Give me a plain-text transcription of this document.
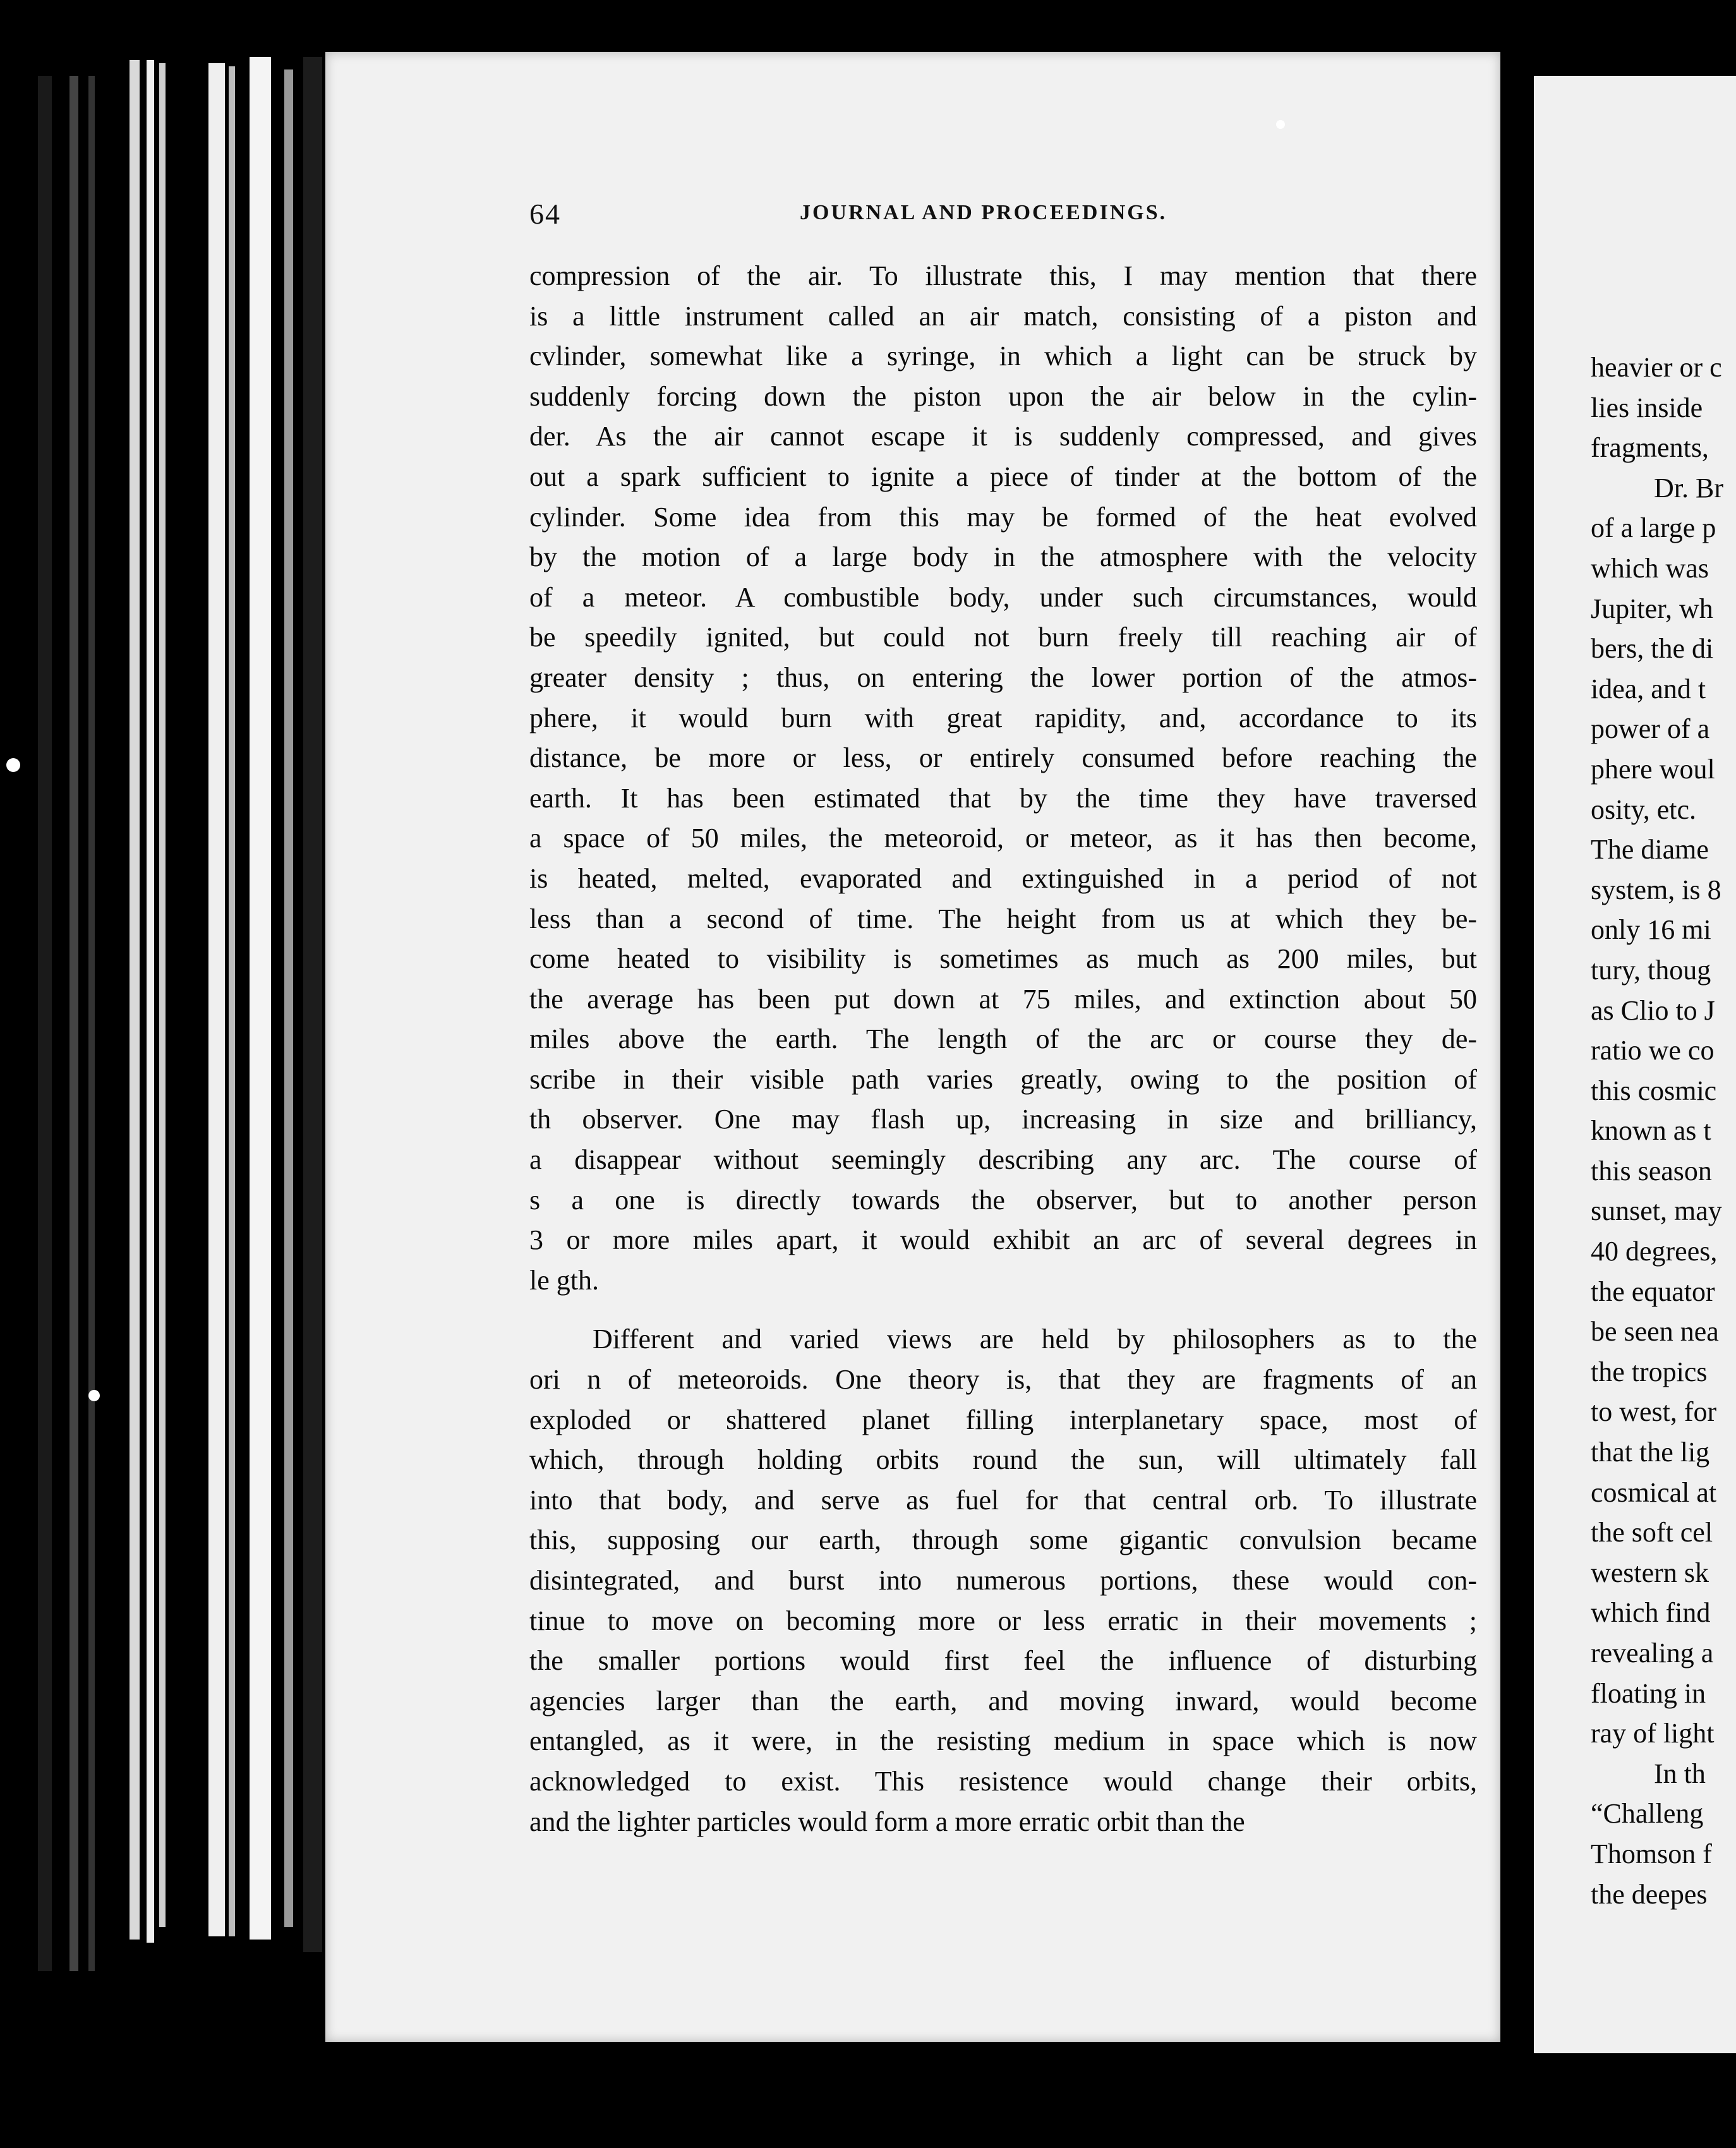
64	JOURNAL AND PROCEEDINGS.
compression of the air. To illustrate this, I may mention that there
is a little instrument called an air match, consisting of a piston and
cvlinder, somewhat like a syringe, in which a light can be struck by
suddenly forcing down the piston upon the air below in the cylin-
der. As the air cannot escape it is suddenly compressed, and gives
out a spark sufficient to ignite a piece of tinder at the bottom of the
cylinder. Some idea from this may be formed of the heat evolved
by the motion of a large body in the atmosphere with the velocity
of a meteor. A combustible body, under such circumstances, would
be speedily ignited, but could not burn freely till reaching air of
greater density ; thus, on entering the lower portion of the atmos-
phere, it would burn with great rapidity, and, accordance to its
distance, be more or less, or entirely consumed before reaching the
earth. It has been estimated that by the time they have traversed
a space of 50 miles, the meteoroid, or meteor, as it has then become,
is heated, melted, evaporated and extinguished in a period of not
less than a second of time. The height from us at which they be-
come heated to visibility is sometimes as much as 200 miles, but
the average has been put down at 75 miles, and extinction about 50
miles above the earth. The length of the arc or course they de-
scribe in their visible path varies greatly, owing to the position of
th observer. One may flash up, increasing in size and brilliancy,
a disappear without seemingly describing any arc. The course of
s a one is directly towards the observer, but to another person
3 or more miles apart, it would exhibit an arc of several degrees in
le gth.
Different and varied views are held by philosophers as to the
ori n of meteoroids. One theory is, that they are fragments of an
exploded or shattered planet filling interplanetary space, most of
which, through holding orbits round the sun, will ultimately fall
into that body, and serve as fuel for that central orb. To illustrate
this, supposing our earth, through some gigantic convulsion became
disintegrated, and burst into numerous portions, these would con-
tinue to move on becoming more or less erratic in their movements ;
the smaller portions would first feel the influence of disturbing
agencies larger than the earth, and moving inward, would become
entangled, as it were, in the resisting medium in space which is now
acknowledged to exist. This resistence would change their orbits,
and the lighter particles would form a more erratic orbit than the
heavier or c
lies inside
fragments,
Dr. Br
of a large p
which was
Jupiter, wh
bers, the di
idea, and t
power of a
phere woul
osity, etc.
The diame
system, is 8
only 16 mi
tury, thoug
as Clio to J
ratio we co
this cosmic
known as t
this season
sunset, may
40 degrees,
the equator
be seen nea
the tropics
to west, for
that the lig
cosmical at
the soft cel
western sk
which find
revealing a
floating in
ray of light
In th
“Challeng
Thomson f
the deepes
